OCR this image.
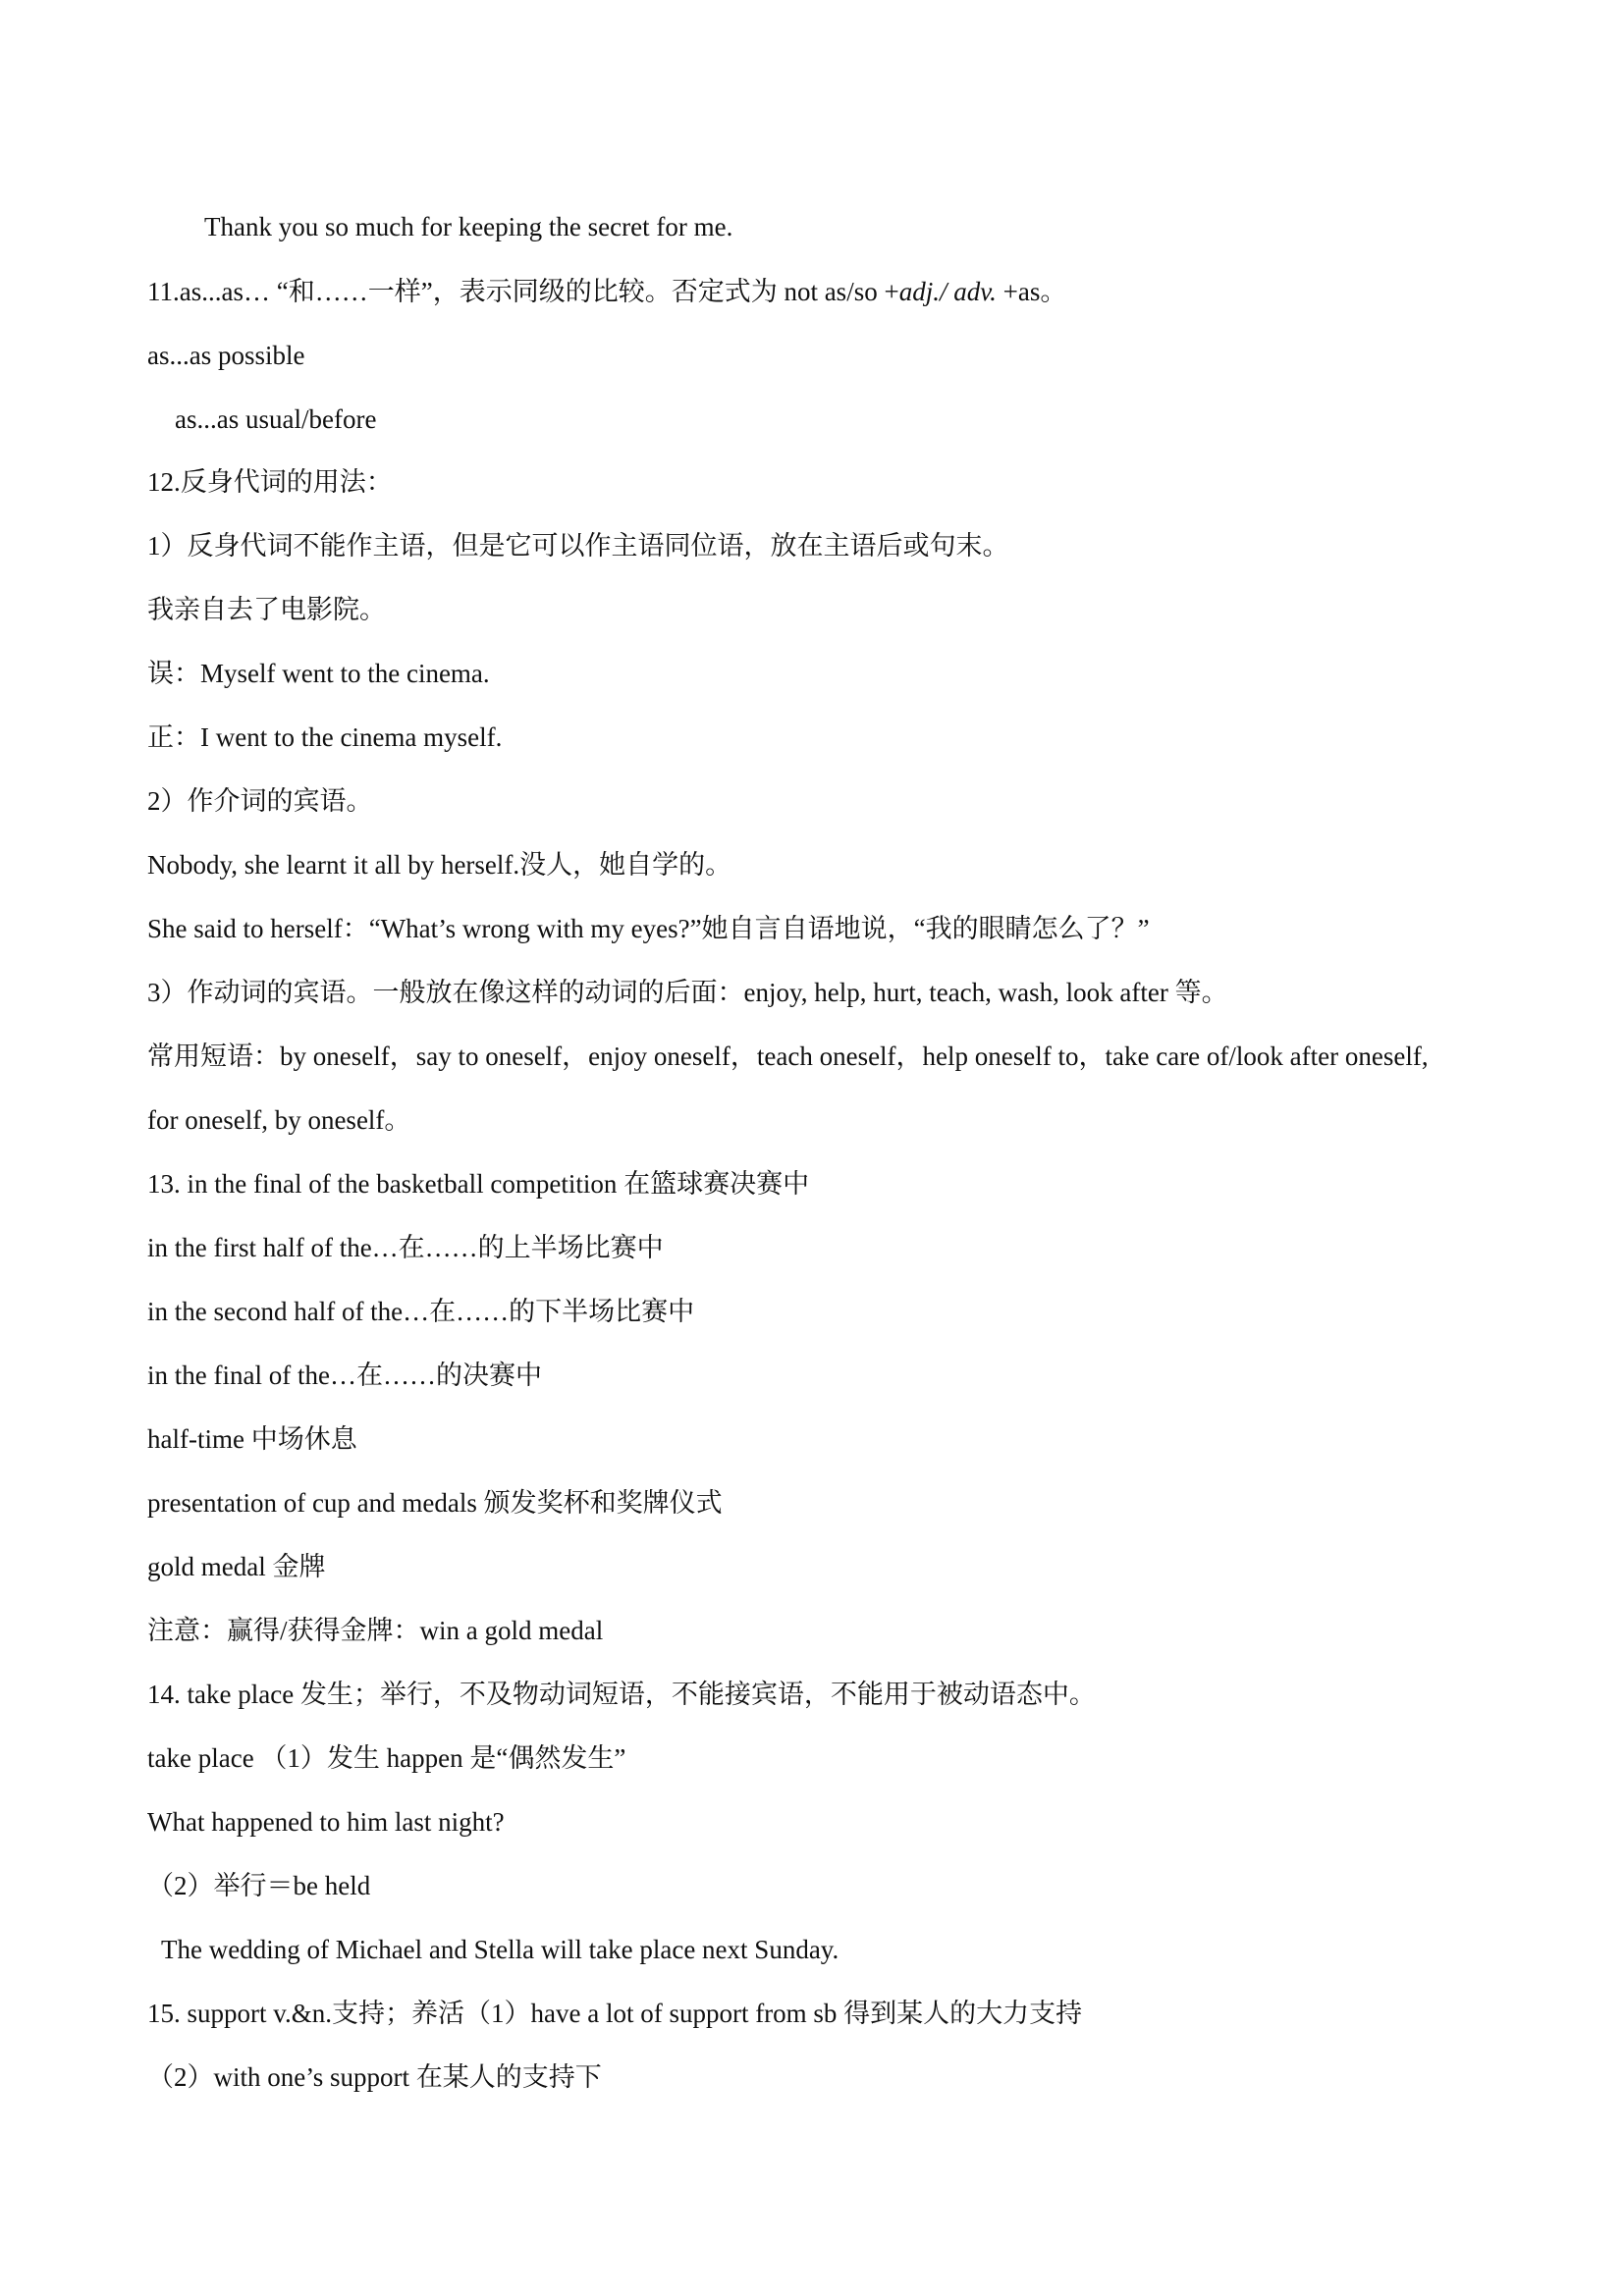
Thank you so much for keeping the secret for me.
11.as...as… “和……一样”，表示同级的比较。否定式为 not as/so +adj./ adv. +as。
as...as possible
as...as usual/before
12.反身代词的用法：
1）反身代词不能作主语，但是它可以作主语同位语，放在主语后或句末。
我亲自去了电影院。
误：Myself went to the cinema.
正：I went to the cinema myself.
2）作介词的宾语。
Nobody, she learnt it all by herself.没人，她自学的。
She said to herself：“What’s wrong with my eyes?”她自言自语地说，“我的眼睛怎么了？”
3）作动词的宾语。一般放在像这样的动词的后面：enjoy, help, hurt, teach, wash, look after 等。
常用短语：by oneself，say to oneself，enjoy oneself，teach oneself，help oneself to，take care of/look after oneself,
for oneself, by oneself。
13. in the final of the basketball competition 在篮球赛决赛中
in the first half of the…在……的上半场比赛中
in the second half of the…在……的下半场比赛中
in the final of the…在……的决赛中
half-time 中场休息
presentation of cup and medals 颁发奖杯和奖牌仪式
gold medal 金牌
注意：赢得/获得金牌：win a gold medal
14. take place 发生；举行，不及物动词短语，不能接宾语，不能用于被动语态中。
take place （1）发生 happen 是“偶然发生”
What happened to him last night?
（2）举行＝be held
The wedding of Michael and Stella will take place next Sunday.
15. support v.&n.支持；养活（1）have a lot of support from sb 得到某人的大力支持
（2）with one’s support 在某人的支持下
